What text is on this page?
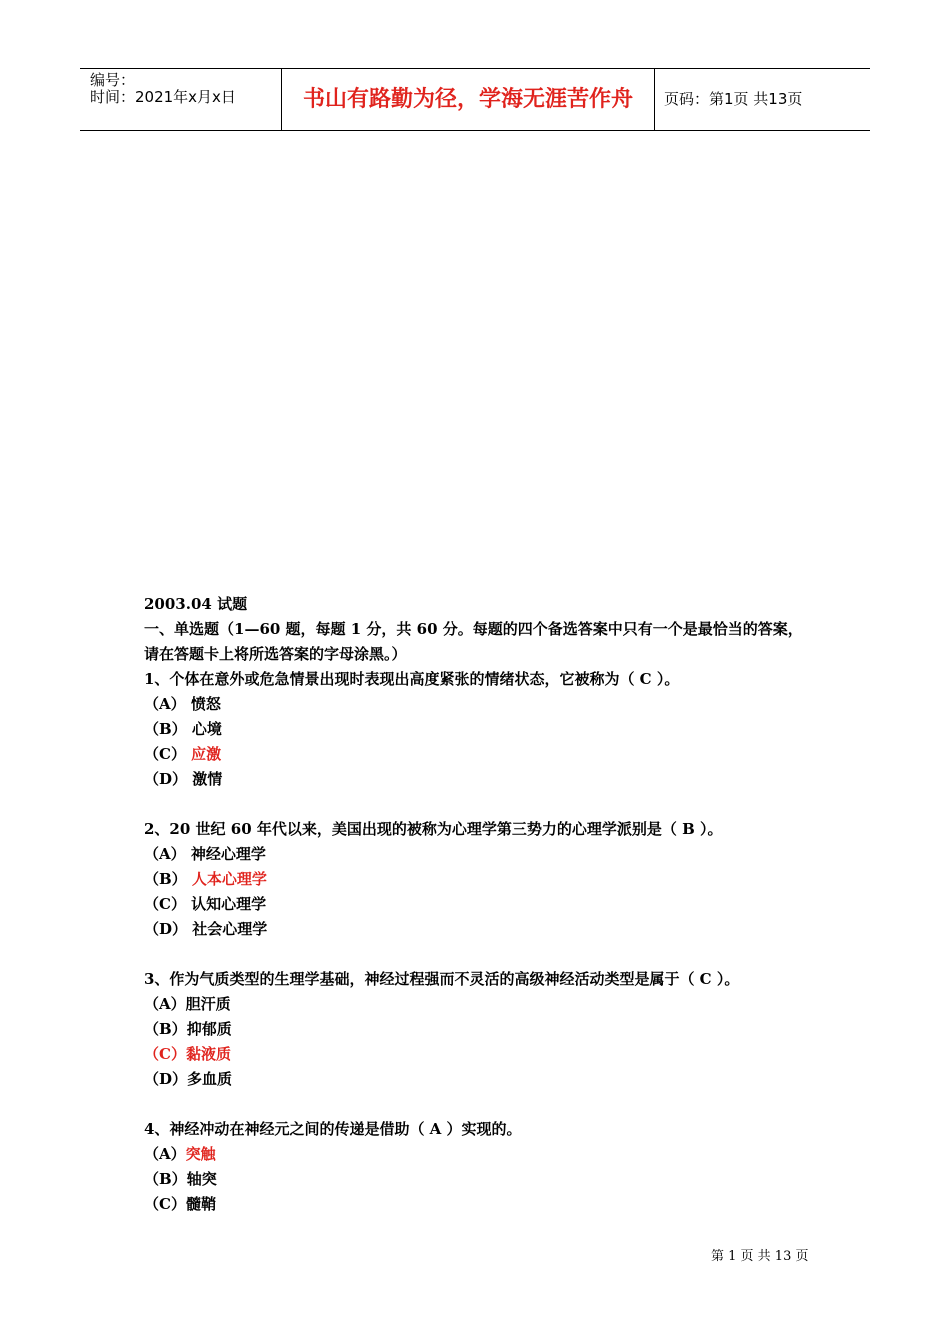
编号：
时间：2021年x月x日	书山有路勤为径，学海无涯苦作舟	页码：第1页 共13页

2003.04 试题

一、单选题（1—60 题，每题 1 分，共 60 分。每题的四个备选答案中只有一个是最恰当的答案，

请在答题卡上将所选答案的字母涂黑。）

1、个体在意外或危急情景出现时表现出高度紧张的情绪状态，它被称为（ C ）。

（A） 愤怒

（B） 心境

（C） 应激

（D） 激情

2、20 世纪 60 年代以来，美国出现的被称为心理学第三势力的心理学派别是（ B ）。

（A） 神经心理学

（B） 人本心理学

（C） 认知心理学

（D） 社会心理学

3、作为气质类型的生理学基础，神经过程强而不灵活的高级神经活动类型是属于（ C ）。

（A）胆汗质

（B）抑郁质

（C）黏液质

（D）多血质

4、神经冲动在神经元之间的传递是借助（ A ）实现的。

（A）突触

（B）轴突

（C）髓鞘

第 1 页 共 13 页
